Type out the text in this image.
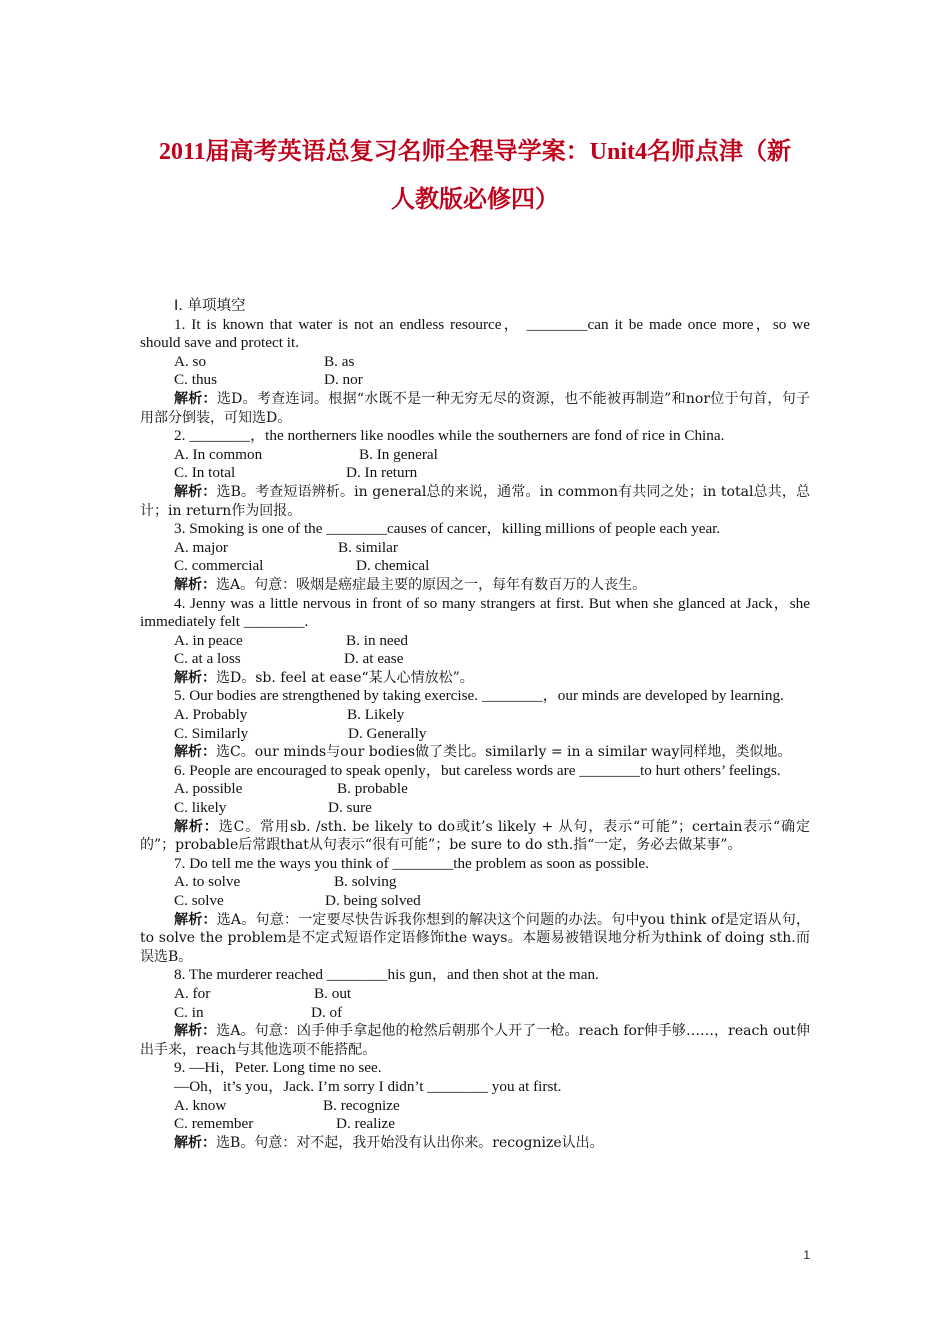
2011届高考英语总复习名师全程导学案：Unit4名师点津（新
人教版必修四）

Ⅰ. 单项填空

1. It is known that water is not an endless resource， ________can it be made once more，so we should save and protect it.

A. so	B. as

C. thus	D. nor

解析：选D。考查连词。根据“水既不是一种无穷无尽的资源，也不能被再制造”和nor位于句首，句子用部分倒装，可知选D。

2. ________，the northerners like noodles while the southerners are fond of rice in China.

A. In common	B. In general

C. In total	D. In return

解析：选B。考查短语辨析。in general总的来说，通常。in common有共同之处；in total总共，总计；in return作为回报。

3. Smoking is one of the ________causes of cancer，killing millions of people each year.

A. major	B. similar

C. commercial	D. chemical

解析：选A。句意：吸烟是癌症最主要的原因之一，每年有数百万的人丧生。

4. Jenny was a little nervous in front of so many strangers at first. But when she glanced at Jack，she immediately felt ________.

A. in peace	B. in need

C. at a loss	D. at ease

解析：选D。sb. feel at ease“某人心情放松”。

5. Our bodies are strengthened by taking exercise. ________，our minds are developed by learning.

A. Probably	B. Likely

C. Similarly	D. Generally

解析：选C。our minds与our bodies做了类比。similarly = in a similar way同样地，类似地。

6. People are encouraged to speak openly，but careless words are ________to hurt others’ feelings.

A. possible	B. probable

C. likely	D. sure

解析：选C。常用sb. /sth. be likely to do或it’s likely + 从句，表示“可能”；certain表示“确定的”；probable后常跟that从句表示“很有可能”；be sure to do sth.指“一定，务必去做某事”。

7. Do tell me the ways you think of ________the problem as soon as possible.

A. to solve	B. solving

C. solve	D. being solved

解析：选A。句意：一定要尽快告诉我你想到的解决这个问题的办法。句中you think of是定语从句，to solve the problem是不定式短语作定语修饰the ways。本题易被错误地分析为think of doing sth.而误选B。

8. The murderer reached ________his gun，and then shot at the man.

A. for	B. out

C. in	D. of

解析：选A。句意：凶手伸手拿起他的枪然后朝那个人开了一枪。reach for伸手够……，reach out伸出手来，reach与其他选项不能搭配。

9. —Hi，Peter. Long time no see.

—Oh，it’s you，Jack. I’m sorry I didn’t ________ you at first.

A. know	B. recognize

C. remember	D. realize

解析：选B。句意：对不起，我开始没有认出你来。recognize认出。

1
